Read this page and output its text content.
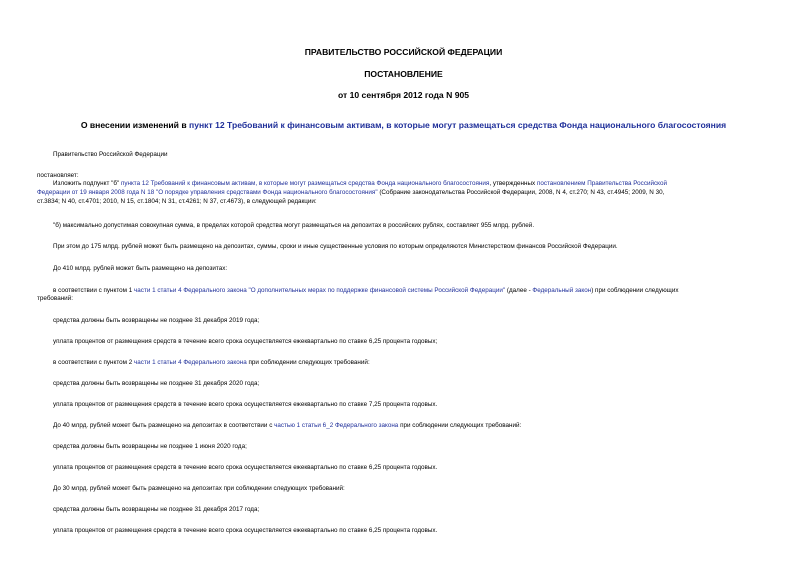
ПРАВИТЕЛЬСТВО РОССИЙСКОЙ ФЕДЕРАЦИИ
ПОСТАНОВЛЕНИЕ
от 10 сентября 2012 года N 905
О внесении изменений в пункт 12 Требований к финансовым активам, в которые могут размещаться средства Фонда национального благосостояния
Правительство Российской Федерации
постановляет:
Изложить подпункт "б" пункта 12 Требований к финансовым активам, в которые могут размещаться средства Фонда национального благосостояния, утвержденных постановлением Правительства Российской
Федерации от 19 января 2008 года N 18 "О порядке управления средствами Фонда национального благосостояния" (Собрание законодательства Российской Федерации, 2008, N 4, ст.270; N 43, ст.4945; 2009, N 30,
ст.3834; N 40, ст.4701; 2010, N 15, ст.1804; N 31, ст.4261; N 37, ст.4673), в следующей редакции:
"б) максимально допустимая совокупная сумма, в пределах которой средства могут размещаться на депозитах в российских рублях, составляет 955 млрд. рублей.
При этом до 175 млрд. рублей может быть размещено на депозитах, суммы, сроки и иные существенные условия по которым определяются Министерством финансов Российской Федерации.
До 410 млрд. рублей может быть размещено на депозитах:
в соответствии с пунктом 1 части 1 статьи 4 Федерального закона "О дополнительных мерах по поддержке финансовой системы Российской Федерации" (далее - Федеральный закон) при соблюдении следующих
требований:
средства должны быть возвращены не позднее 31 декабря 2019 года;
уплата процентов от размещения средств в течение всего срока осуществляется ежеквартально по ставке 6,25 процента годовых;
в соответствии с пунктом 2 части 1 статьи 4 Федерального закона при соблюдении следующих требований:
средства должны быть возвращены не позднее 31 декабря 2020 года;
уплата процентов от размещения средств в течение всего срока осуществляется ежеквартально по ставке 7,25 процента годовых.
До 40 млрд. рублей может быть размещено на депозитах в соответствии с частью 1 статьи 6_2 Федерального закона при соблюдении следующих требований:
средства должны быть возвращены не позднее 1 июня 2020 года;
уплата процентов от размещения средств в течение всего срока осуществляется ежеквартально по ставке 6,25 процента годовых.
До 30 млрд. рублей может быть размещено на депозитах при соблюдении следующих требований:
средства должны быть возвращены не позднее 31 декабря 2017 года;
уплата процентов от размещения средств в течение всего срока осуществляется ежеквартально по ставке 6,25 процента годовых.
